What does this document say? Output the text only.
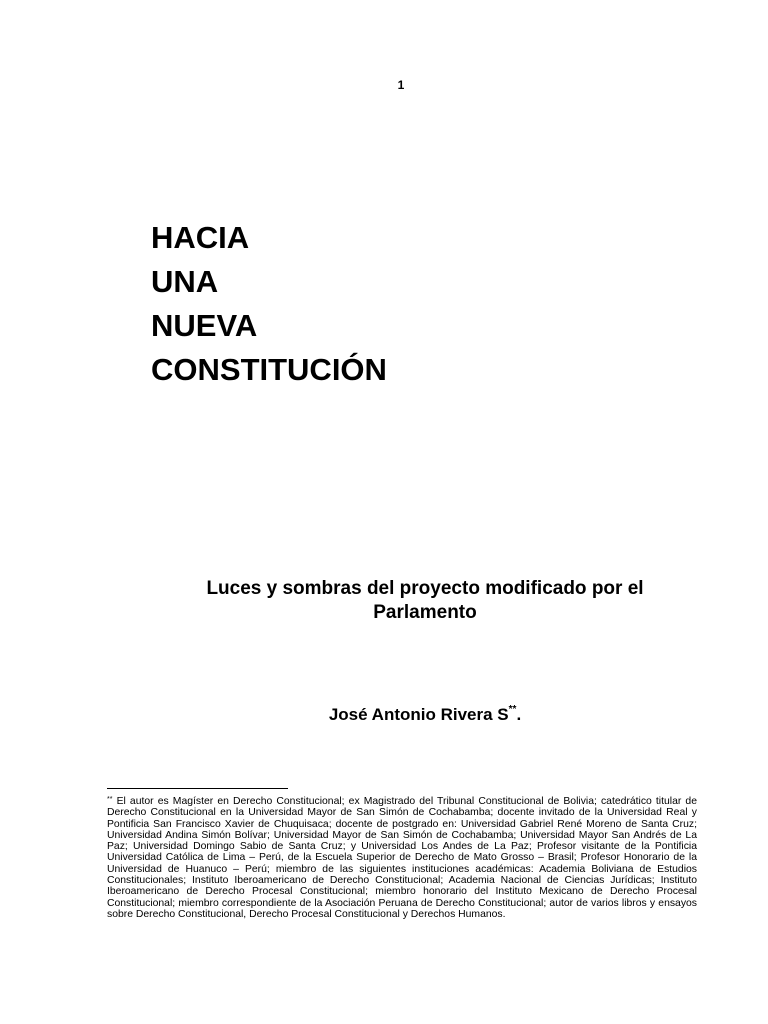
1
HACIA
UNA
NUEVA
CONSTITUCIÓN
Luces y sombras del proyecto modificado por el
Parlamento
José Antonio Rivera S**.

** El autor es Magíster en Derecho Constitucional; ex Magistrado del Tribunal Constitucional de Bolivia; catedrático titular de Derecho Constitucional en la Universidad Mayor de San Simón de Cochabamba; docente invitado de la Universidad Real y Pontificia San Francisco Xavier de Chuquisaca; docente de postgrado en: Universidad Gabriel René Moreno de Santa Cruz; Universidad Andina Simón Bolívar; Universidad Mayor de San Simón de Cochabamba; Universidad Mayor San Andrés de La Paz; Universidad Domingo Sabio de Santa Cruz; y Universidad Los Andes de La Paz; Profesor visitante de la Pontificia Universidad Católica de Lima – Perú, de la Escuela Superior de Derecho de Mato Grosso – Brasil; Profesor Honorario de la Universidad de Huanuco – Perú; miembro de las siguientes instituciones académicas: Academia Boliviana de Estudios Constitucionales; Instituto Iberoamericano de Derecho Constitucional; Academia Nacional de Ciencias Jurídicas; Instituto Iberoamericano de Derecho Procesal Constitucional; miembro honorario del Instituto Mexicano de Derecho Procesal Constitucional; miembro correspondiente de la Asociación Peruana de Derecho Constitucional; autor de varios libros y ensayos sobre Derecho Constitucional, Derecho Procesal Constitucional y Derechos Humanos.
